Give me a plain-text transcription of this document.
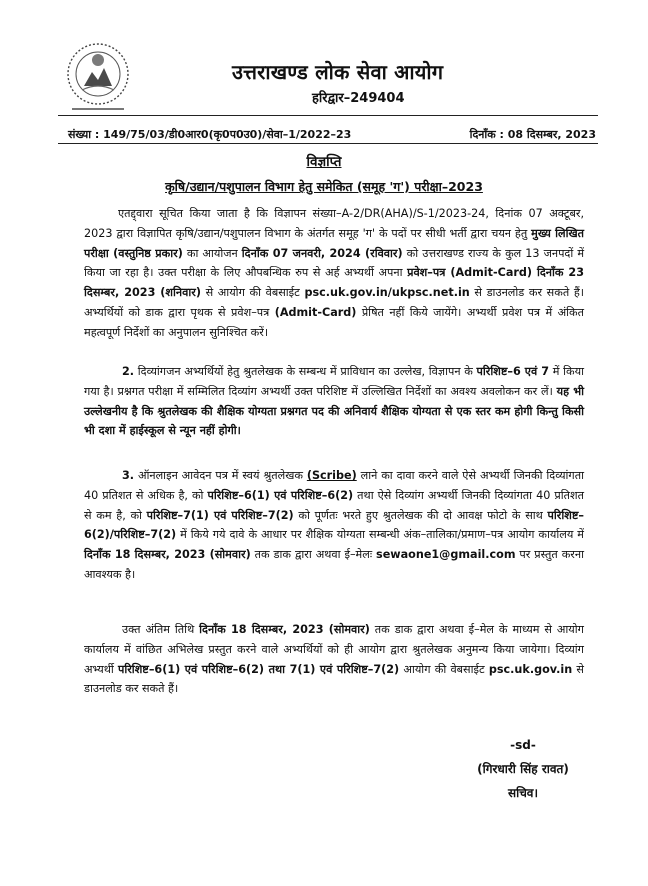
उत्तराखण्ड लोक सेवा आयोग
हरिद्वार–249404
संख्या : 149/75/03/डी0आर0(कृ0प0उ0)/सेवा–1/2022–23	दिनाँक : 08 दिसम्बर, 2023
विज्ञप्ति
कृषि/उद्यान/पशुपालन विभाग हेतु समेकित (समूह 'ग') परीक्षा–2023

एतद्द्वारा सूचित किया जाता है कि विज्ञापन संख्या–A-2/DR(AHA)/S-1/2023-24, दिनांक 07 अक्टूबर, 2023 द्वारा विज्ञापित कृषि/उद्यान/पशुपालन विभाग के अंतर्गत समूह 'ग' के पदों पर सीधी भर्ती द्वारा चयन हेतु मुख्य लिखित परीक्षा (वस्तुनिष्ठ प्रकार) का आयोजन दिनाँक 07 जनवरी, 2024 (रविवार) को उत्तराखण्ड राज्य के कुल 13 जनपदों में किया जा रहा है। उक्त परीक्षा के लिए औपबन्धिक रुप से अर्ह अभ्यर्थी अपना प्रवेश–पत्र (Admit-Card) दिनाँक 23 दिसम्बर, 2023 (शनिवार) से आयोग की वेबसाईट psc.uk.gov.in/ukpsc.net.in से डाउनलोड कर सकते हैं। अभ्यर्थियों को डाक द्वारा पृथक से प्रवेश–पत्र (Admit-Card) प्रेषित नहीं किये जायेंगे। अभ्यर्थी प्रवेश पत्र में अंकित महत्वपूर्ण निर्देशों का अनुपालन सुनिश्चित करें।

2. दिव्यांगजन अभ्यर्थियों हेतु श्रुतलेखक के सम्बन्ध में प्राविधान का उल्लेख, विज्ञापन के परिशिष्ट–6 एवं 7 में किया गया है। प्रश्नगत परीक्षा में सम्मिलित दिव्यांग अभ्यर्थी उक्त परिशिष्ट में उल्लिखित निर्देशों का अवश्य अवलोकन कर लें। यह भी उल्लेखनीय है कि श्रुतलेखक की शैक्षिक योग्यता प्रश्नगत पद की अनिवार्य शैक्षिक योग्यता से एक स्तर कम होगी किन्तु किसी भी दशा में हाईस्कूल से न्यून नहीं होगी।

3. ऑनलाइन आवेदन पत्र में स्वयं श्रुतलेखक (Scribe) लाने का दावा करने वाले ऐसे अभ्यर्थी जिनकी दिव्यांगता 40 प्रतिशत से अधिक है, को परिशिष्ट–6(1) एवं परिशिष्ट–6(2) तथा ऐसे दिव्यांग अभ्यर्थी जिनकी दिव्यांगता 40 प्रतिशत से कम है, को परिशिष्ट–7(1) एवं परिशिष्ट–7(2) को पूर्णतः भरते हुए श्रुतलेखक की दो आवक्ष फोटो के साथ परिशिष्ट–6(2)/परिशिष्ट–7(2) में किये गये दावे के आधार पर शैक्षिक योग्यता सम्बन्धी अंक–तालिका/प्रमाण–पत्र आयोग कार्यालय में दिनाँक 18 दिसम्बर, 2023 (सोमवार) तक डाक द्वारा अथवा ई–मेलः sewaone1@gmail.com पर प्रस्तुत करना आवश्यक है।

उक्त अंतिम तिथि दिनाँक 18 दिसम्बर, 2023 (सोमवार) तक डाक द्वारा अथवा ई–मेल के माध्यम से आयोग कार्यालय में वांछित अभिलेख प्रस्तुत करने वाले अभ्यर्थियों को ही आयोग द्वारा श्रुतलेखक अनुमन्य किया जायेगा। दिव्यांग अभ्यर्थी परिशिष्ट–6(1) एवं परिशिष्ट–6(2) तथा 7(1) एवं परिशिष्ट–7(2) आयोग की वेबसाईट psc.uk.gov.in से डाउनलोड कर सकते हैं।

-sd-
(गिरधारी सिंह रावत)
सचिव।
